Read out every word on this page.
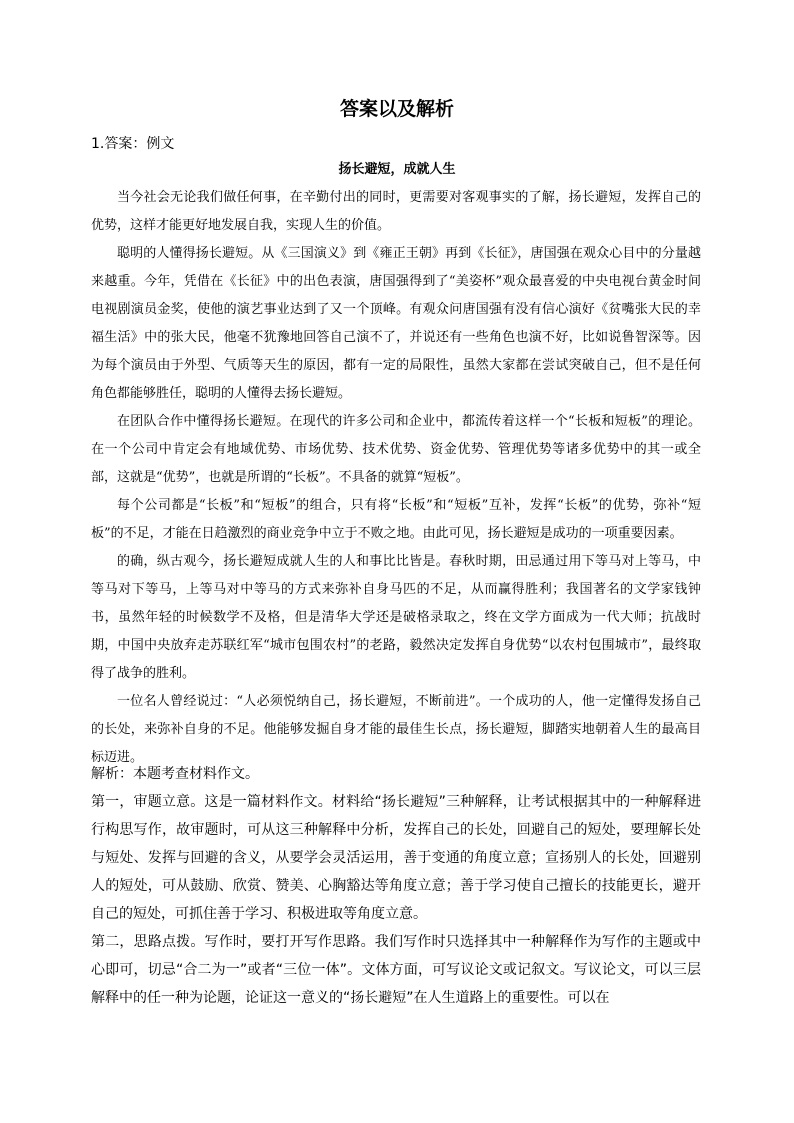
答案以及解析
1.答案：例文
扬长避短，成就人生

当今社会无论我们做任何事，在辛勤付出的同时，更需要对客观事实的了解，扬长避短，发挥自己的优势，这样才能更好地发展自我，实现人生的价值。

聪明的人懂得扬长避短。从《三国演义》到《雍正王朝》再到《长征》，唐国强在观众心目中的分量越来越重。今年，凭借在《长征》中的出色表演，唐国强得到了“美姿杯”观众最喜爱的中央电视台黄金时间电视剧演员金奖，使他的演艺事业达到了又一个顶峰。有观众问唐国强有没有信心演好《贫嘴张大民的幸福生活》中的张大民，他毫不犹豫地回答自己演不了，并说还有一些角色也演不好，比如说鲁智深等。因为每个演员由于外型、气质等天生的原因，都有一定的局限性，虽然大家都在尝试突破自己，但不是任何角色都能够胜任，聪明的人懂得去扬长避短。

在团队合作中懂得扬长避短。在现代的许多公司和企业中，都流传着这样一个“长板和短板”的理论。在一个公司中肯定会有地域优势、市场优势、技术优势、资金优势、管理优势等诸多优势中的其一或全部，这就是“优势”，也就是所谓的“长板”。不具备的就算“短板”。

每个公司都是“长板”和“短板”的组合，只有将“长板”和“短板”互补，发挥“长板”的优势，弥补“短板”的不足，才能在日趋激烈的商业竞争中立于不败之地。由此可见，扬长避短是成功的一项重要因素。

的确，纵古观今，扬长避短成就人生的人和事比比皆是。春秋时期，田忌通过用下等马对上等马，中等马对下等马，上等马对中等马的方式来弥补自身马匹的不足，从而赢得胜利；我国著名的文学家钱钟书，虽然年轻的时候数学不及格，但是清华大学还是破格录取之，终在文学方面成为一代大师；抗战时期，中国中央放弃走苏联红军“城市包围农村”的老路，毅然决定发挥自身优势“以农村包围城市”，最终取得了战争的胜利。

一位名人曾经说过：“人必须悦纳自己，扬长避短，不断前进”。一个成功的人，他一定懂得发扬自己的长处，来弥补自身的不足。他能够发掘自身才能的最佳生长点，扬长避短，脚踏实地朝着人生的最高目标迈进。

解析：本题考查材料作文。

第一，审题立意。这是一篇材料作文。材料给“扬长避短”三种解释，让考试根据其中的一种解释进行构思写作，故审题时，可从这三种解释中分析，发挥自己的长处，回避自己的短处，要理解长处与短处、发挥与回避的含义，从要学会灵活运用，善于变通的角度立意；宣扬别人的长处，回避别人的短处，可从鼓励、欣赏、赞美、心胸豁达等角度立意；善于学习使自己擅长的技能更长，避开自己的短处，可抓住善于学习、积极进取等角度立意。

第二，思路点拨。写作时，要打开写作思路。我们写作时只选择其中一种解释作为写作的主题或中心即可，切忌“合二为一”或者“三位一体”。文体方面，可写议论文或记叙文。写议论文，可以三层解释中的任一种为论题，论证这一意义的“扬长避短”在人生道路上的重要性。可以在
